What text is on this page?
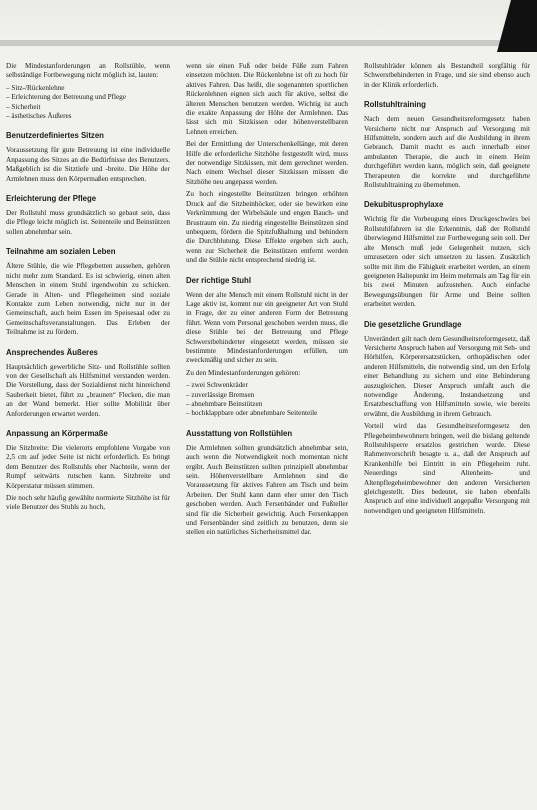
Die Mindestanforderungen an Rollstühle, wenn selbständige Fortbewegung nicht möglich ist, lauten:

– Sitz-/Rückenlehne
– Erleichterung der Betreuung und Pflege
– Sicherheit
– ästhetisches Äußeres
Benutzerdefiniertes Sitzen

Voraussetzung für gute Betreuung ist eine individuelle Anpassung des Sitzes an die Bedürfnisse des Benutzers. Maßgeblich ist die Sitztiefe und -breite. Die Höhe der Armlehnen muss den Körpermaßen entsprechen.

Erleichterung der Pflege

Der Rollstuhl muss grundsätzlich so gebaut sein, dass die Pflege leicht möglich ist. Seitenteile und Beinstützen sollen abnehmbar sein.

Teilnahme am sozialen Leben

Ältere Stühle, die wie Pflegebetten aussehen, gehören nicht mehr zum Standard. Es ist schwierig, einen alten Menschen in einem Stuhl irgendwohin zu schicken. Gerade in Alten- und Pflegeheimen sind soziale Kontakte zum Leben notwendig, nicht nur in der Gemeinschaft, auch beim Essen im Speisesaal oder zu Gemeinschaftsveranstaltungen. Das Erleben der Teilnahme ist zu fördern.

Ansprechendes Äußeres

Hauptsächlich gewerbliche Sitz- und Rollstühle sollten von der Gesellschaft als Hilfsmittel verstanden werden. Die Vorstellung, dass der Sozialdienst nicht hinreichend Sauberkeit bietet, führt zu „braunen“ Flecken, die man an der Wand bemerkt. Hier sollte Mobilität über Anforderungen erwartet werden.

Anpassung an Körpermaße

Die Sitzbreite: Die vielerorts empfohlene Vorgabe von 2,5 cm auf jeder Seite ist nicht erforderlich. Es bringt dem Benutzer des Rollstuhls eher Nachteile, wenn der Rumpf seitwärts rutschen kann. Sitzbreite und Körperstatur müssen stimmen.

Die noch sehr häufig gewählte normierte Sitzhöhe ist für viele Benutzer des Stuhls zu hoch,

wenn sie einen Fuß oder beide Füße zum Fahren einsetzen möchten. Die Rückenlehne ist oft zu hoch für aktives Fahren. Das heißt, die sogenannten sportlichen Rückenlehnen eignen sich auch für aktive, selbst die älteren Menschen benutzen werden. Wichtig ist auch die exakte Anpassung der Höhe der Armlehnen. Das lässt sich mit Sitzkissen oder höhenverstellbaren Lehnen erreichen.

Bei der Ermittlung der Unterschenkellänge, mit deren Hilfe die erforderliche Sitzhöhe festgestellt wird, muss der notwendige Sitzkissen, mit dem gerechnet werden. Nach einem Wechsel dieser Sitzkissen müssen die Sitzhöhe neu angepasst werden.

Zu hoch eingestellte Beinstützen bringen erhöhten Druck auf die Sitzbeinhöcker, oder sie bewirken eine Verkrümmung der Wirbelsäule und engen Bauch- und Brustraum ein. Zu niedrig eingestellte Beinstützen sind unbequem, fördern die Spitzfußhaltung und behindern die Durchblutung. Diese Effekte ergeben sich auch, wenn zur Sicherheit die Beinstützen entfernt werden und die Stühle nicht entsprechend niedrig ist.

Der richtige Stuhl

Wenn der alte Mensch mit einem Rollstuhl nicht in der Lage aktiv ist, kommt nur ein geeigneter Art von Stuhl in Frage, der zu einer anderen Form der Betreuung führt. Wenn vom Personal geschoben werden muss, die diese Stühle bei der Betreuung und Pflege Schwerstbehinderter eingesetzt werden, müssen sie bestimmte Mindestanforderungen erfüllen, um zweckmäßig und sicher zu sein.

Zu den Mindestanforderungen gehören:

– zwei Schwenkräder
– zuverlässige Bremsen
– abnehmbare Beinstützen
– hochklappbare oder abnehmbare Seitenteile
Ausstattung von Rollstühlen

Die Armlehnen sollten grundsätzlich abnehmbar sein, auch wenn die Notwendigkeit noch momentan nicht ergibt. Auch Beinstützen sollten prinzipiell abnehmbar sein. Höhenverstellbare Armlehnen sind die Voraussetzung für aktives Fahren am Tisch und beim Arbeiten. Der Stuhl kann dann eher unter den Tisch geschoben werden. Auch Fersenbänder und Fußteller sind für die Sicherheit gewichtig. Auch Fersenkappen und Fersenbänder sind zeitlich zu benutzen, denn sie stellen ein natürliches Sicherheitsmittel dar.

Rollstuhlräder können als Bestandteil sorgfältig für Schwerstbehinderten in Frage, und sie sind ebenso auch in der Klinik erforderlich.

Rollstuhltraining

Nach dem neuen Gesundheitsreformgesetz haben Versicherte nicht nur Anspruch auf Versorgung mit Hilfsmitteln, sondern auch auf die Ausbildung in ihrem Gebrauch. Damit macht es auch innerhalb einer ambulanten Therapie, die auch in einem Heim durchgeführt werden kann, möglich sein, daß geeignete Therapeuten die korrekte und durchgeführte Rollstuhltraining zu übernehmen.

Dekubitusprophylaxe

Wichtig für die Vorbeugung eines Druckgeschwürs bei Rollstuhlfahrern ist die Erkenntnis, daß der Rollstuhl überwiegend Hilfsmittel zur Fortbewegung sein soll. Der alte Mensch muß jede Gelegenheit nutzen, sich umzusetzen oder sich umsetzen zu lassen. Zusätzlich sollte mit ihm die Fähigkeit erarbeitet werden, an einem geeigneten Haltepunkt im Heim mehrmals am Tag für ein bis zwei Minuten aufzustehen. Auch einfache Bewegungsübungen für Arme und Beine sollten erarbeitet werden.

Die gesetzliche Grundlage

Unverändert gilt nach dem Gesundheitsreformgesetz, daß Versicherte Anspruch haben auf Versorgung mit Seh- und Hörhilfen, Körperersatzstücken, orthopädischen oder anderen Hilfsmitteln, die notwendig sind, um den Erfolg einer Behandlung zu sichern und eine Behinderung auszugleichen. Dieser Anspruch umfaßt auch die notwendige Änderung, Instandsetzung und Ersatzbeschaffung von Hilfsmitteln sowie, wie bereits erwähnt, die Ausbildung in ihrem Gebrauch.

Vorteil wird das Gesundheitsreformgesetz den Pflegeheimbewohnern bringen, weil die bislang geltende Rollstuhlsperre ersatzlos gestrichen wurde. Diese Rahmenvorschrift besagte u. a., daß der Anspruch auf Krankenhilfe bei Eintritt in ein Pflegeheim ruht. Neuerdings sind Altenheim- und Altenpflegeheimbewohner den anderen Versicherten gleichgestellt. Dies bedeutet, sie haben ebenfalls Anspruch auf eine individuell angepaßte Versorgung mit notwendigen und geeigneten Hilfsmitteln.
